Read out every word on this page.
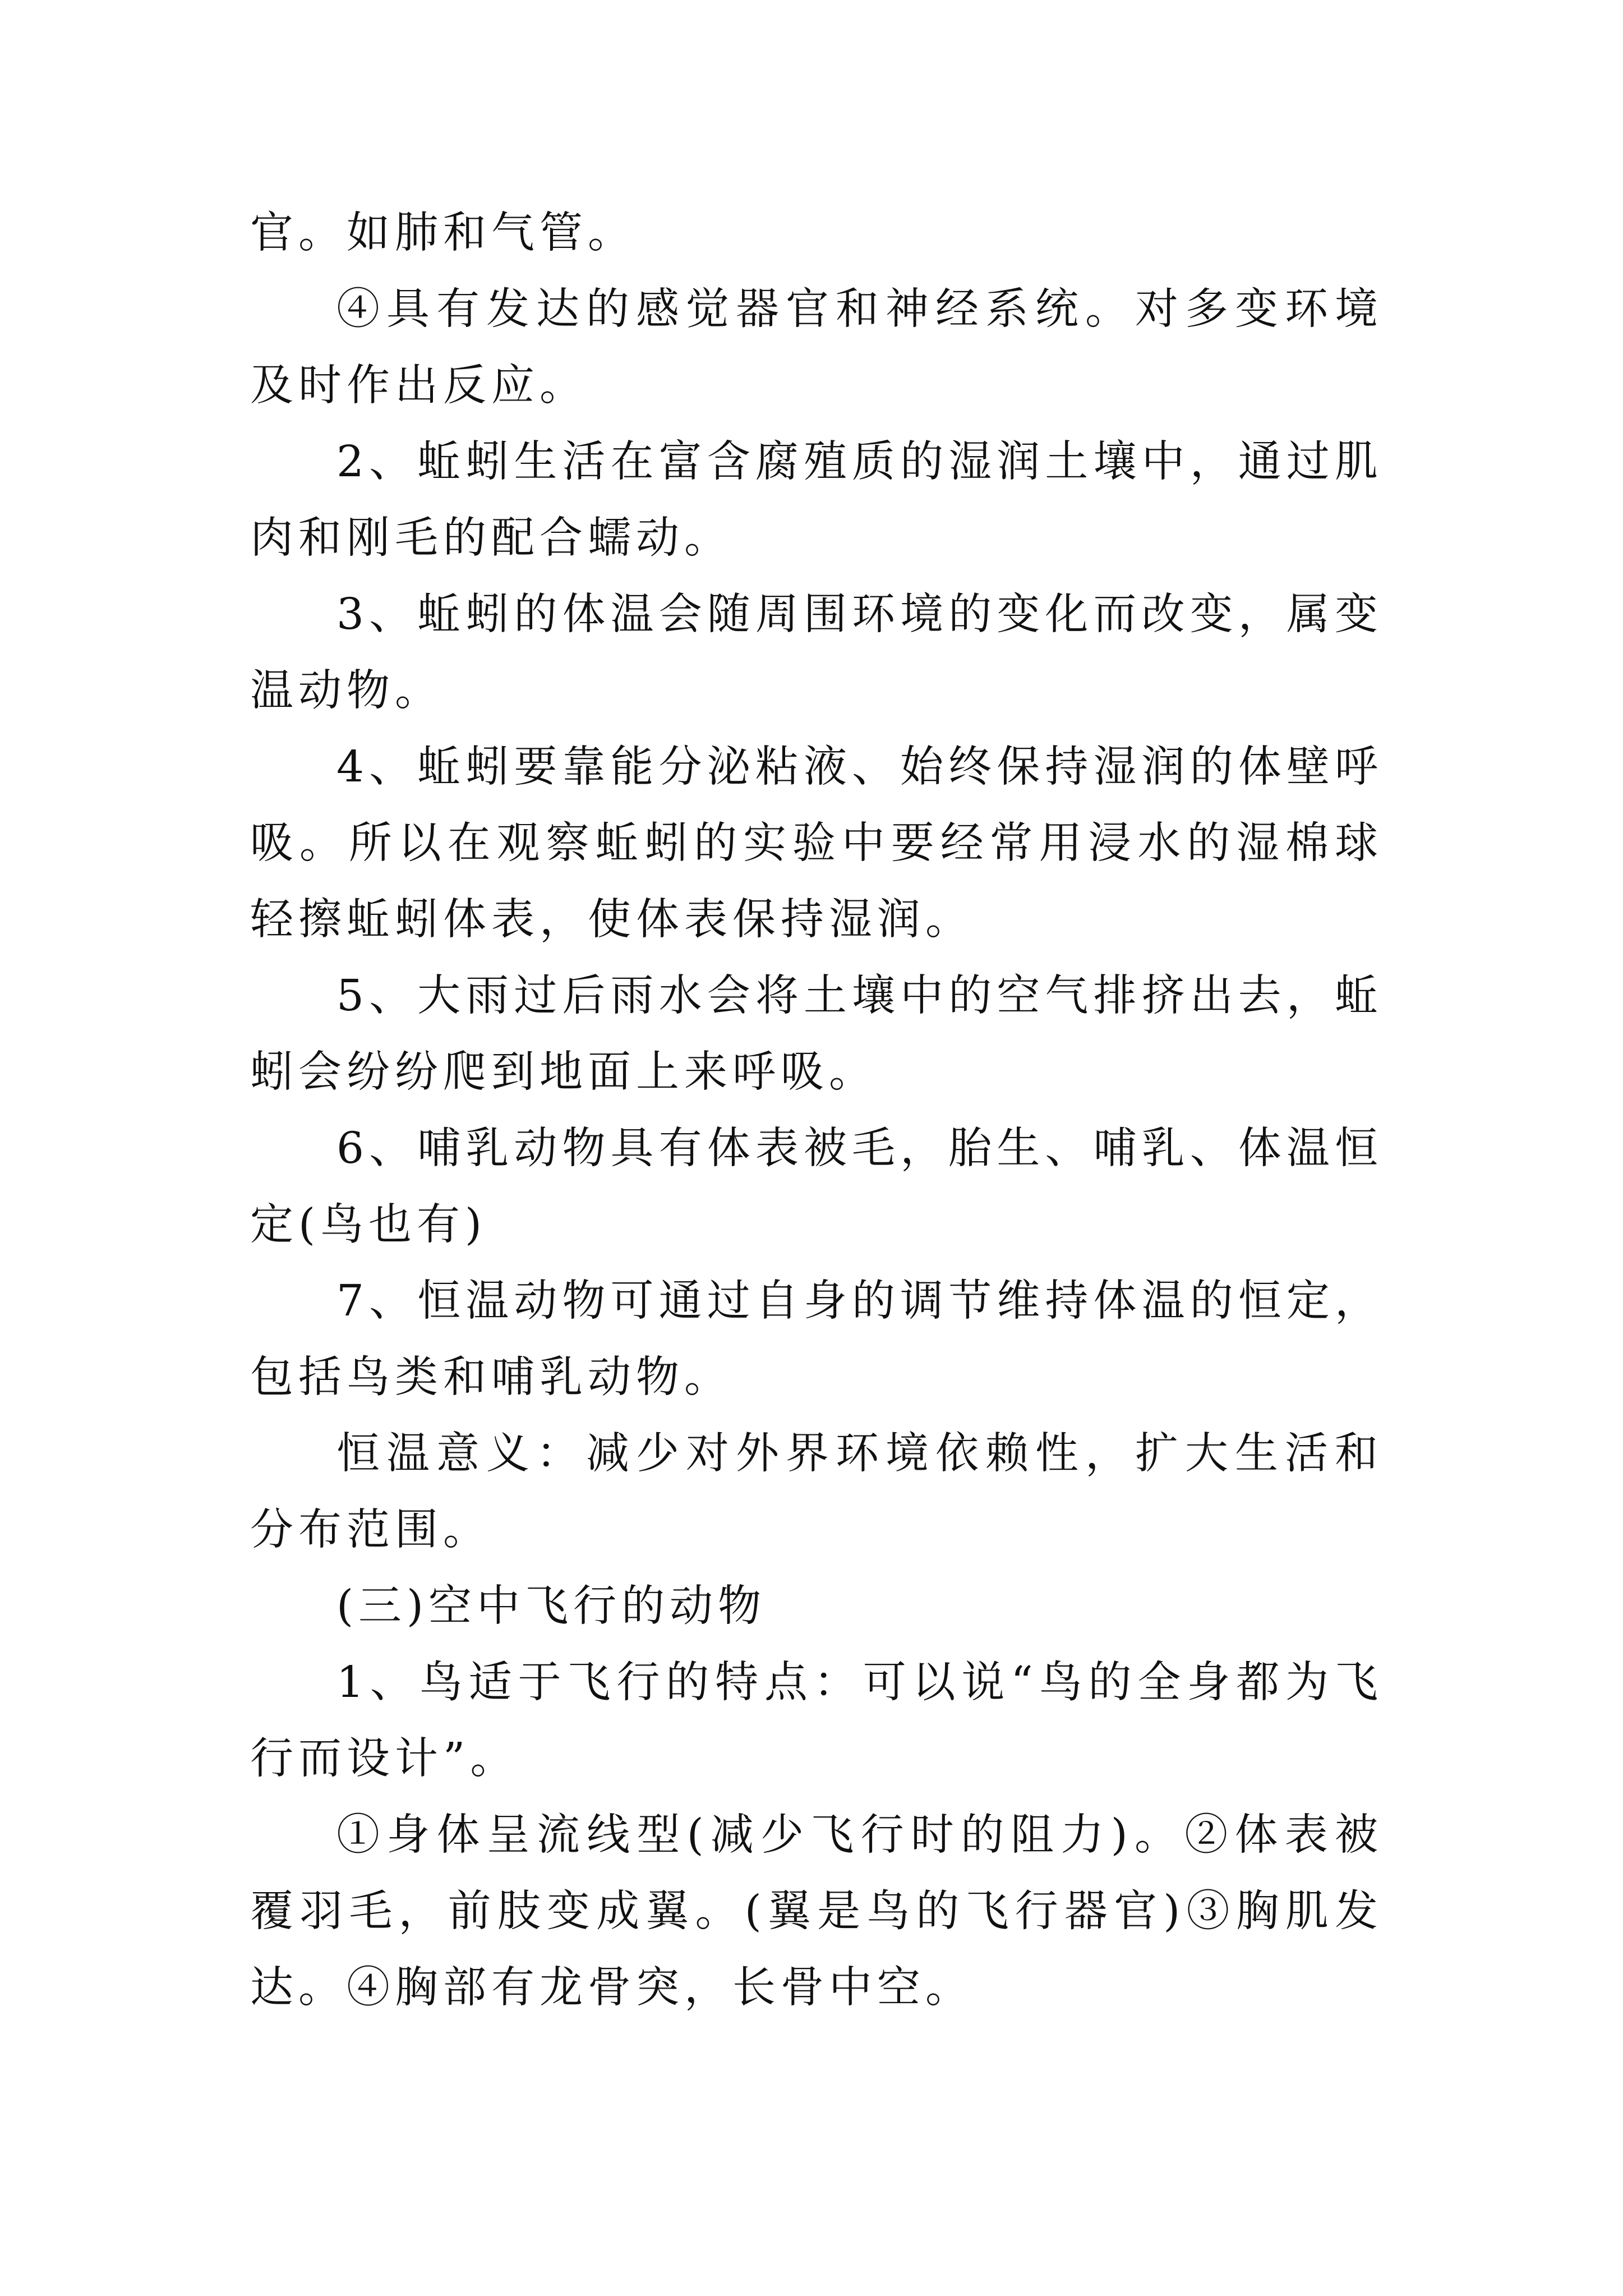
官。如肺和气管。

④具有发达的感觉器官和神经系统。对多变环境及时作出反应。

2、蚯蚓生活在富含腐殖质的湿润土壤中，通过肌肉和刚毛的配合蠕动。

3、蚯蚓的体温会随周围环境的变化而改变，属变温动物。

4、蚯蚓要靠能分泌粘液、始终保持湿润的体壁呼吸。所以在观察蚯蚓的实验中要经常用浸水的湿棉球轻擦蚯蚓体表，使体表保持湿润。

5、大雨过后雨水会将土壤中的空气排挤出去，蚯蚓会纷纷爬到地面上来呼吸。

6、哺乳动物具有体表被毛，胎生、哺乳、体温恒定(鸟也有)

7、恒温动物可通过自身的调节维持体温的恒定，包括鸟类和哺乳动物。

恒温意义：减少对外界环境依赖性，扩大生活和分布范围。

(三)空中飞行的动物

1、鸟适于飞行的特点：可以说“鸟的全身都为飞行而设计”。

①身体呈流线型(减少飞行时的阻力)。②体表被覆羽毛，前肢变成翼。(翼是鸟的飞行器官)③胸肌发达。④胸部有龙骨突，长骨中空。
